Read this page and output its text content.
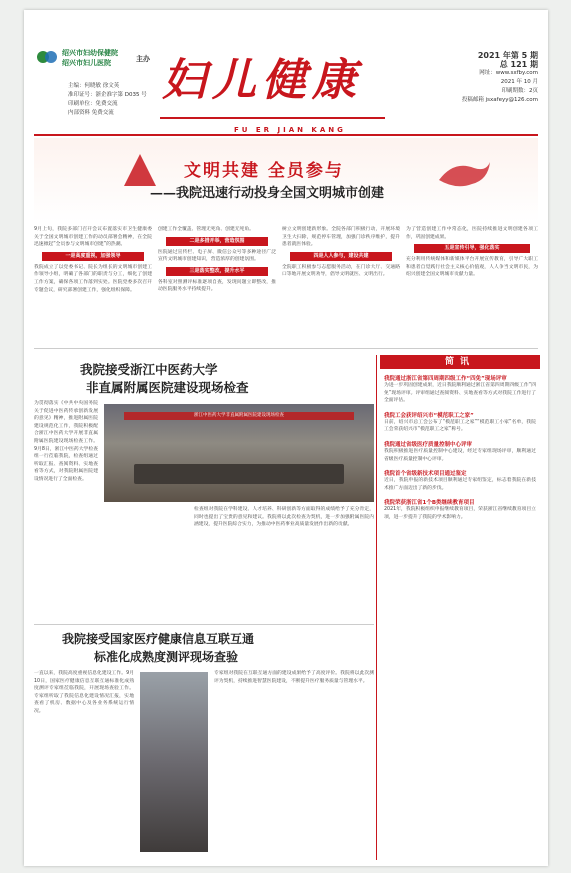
绍兴市妇幼保健院
绍兴市妇儿医院	主办
主编：何晓敏 徐文英
准印证号：浙企准字第 D035 号
印刷单位：免费交流
内部资料 免费交流
妇儿健康
FU ER JIAN KANG
2021 年第 5 期
总 121 期
网址：www.sxfby.com
2021 年 10 月
印刷期数：2页
投稿邮箱 jsxafeyy@126.com
文明共建 全员参与
——我院迅速行动投身全国文明城市创建
9月上旬，我院多部门召开会议布置落实市卫生健康委关于全国文明城市创建工作的动员部署会精神，在全院迅速掀起“全员参与文明城市创建”的热潮。
一是高度重视，加强领导
我院成立了以党委书记、院长为组长的文明城市创建工作领导小组，明确了各部门的职责与分工，细化了创建工作方案，确保各项工作落到实处。医院党委多次召开专题会议，研究部署创建工作，强化组织保障。
创建工作全覆盖、管理无死角、创建无死角。
二是多措并举，营造氛围
医院通过宣传栏、电子屏、微信公众号等多种途径广泛宣传文明城市创建知识，营造浓厚的创建氛围。
三是落实整改，提升水平
各科室对照测评标准逐项自查，发现问题立即整改，推动医院服务水平持续提升。
树立文明创建新形象。全院各部门积极行动，开展环境卫生大扫除，规范停车管理，加强门诊秩序维护，提升患者就医体验。
四是人人参与，建设共建
全院职工积极参与志愿服务活动，在门诊大厅、交通路口等地开展文明劝导，倡导文明就医、文明出行。
为了营造创建工作中常态化，医院持续推进文明创建各项工作，巩固创建成果。
五是宣传引导，强化落实
充分利用传统媒体和新媒体平台开展宣传教育，引导广大职工和患者自觉践行社会主义核心价值观，人人争当文明市民，为绍兴创建全国文明城市贡献力量。
我院接受浙江中医药大学
非直属附属医院建设现场检查
为贯彻落实《中共中央国务院关于促进中医药传承创新发展的意见》精神，推进附属医院建设规范化工作，我院积极配合浙江中医药大学开展非直属附属医院建设现场检查工作。9月8日，浙江中医药大学检查组一行莅临我院，检查组通过听取汇报、查阅资料、实地查看等方式，对我院附属医院建设情况进行了全面检查。
浙江中医药大学非直属附属医院建设现场检查
检查组对我院在学科建设、人才培养、科研创新等方面取得的成绩给予了充分肯定，同时也提出了宝贵的意见和建议。我院将以此次检查为契机，进一步加强附属医院内涵建设，提升医院综合实力，为推动中医药事业高质量发展作出新的贡献。
我院接受国家医疗健康信息互联互通
标准化成熟度测评现场查验
一直以来，我院高度重视信息化建设工作。9月10日，国家医疗健康信息互联互通标准化成熟度测评专家组莅临我院，开展现场查验工作。专家组听取了我院信息化建设情况汇报，实地查看了机房、数据中心及各业务系统运行情况。
专家组对我院在互联互通方面的建设成果给予了高度评价。我院将以此次测评为契机，持续推进智慧医院建设，不断提升医疗服务质量与管理水平。
简讯
我院通过浙江省第四周期四级工作“四免”现场评审
为进一步巩固创建成果，近日我院顺利通过浙江省第四周期四级工作“四免”现场评审。评审组通过查阅资料、实地查看等方式对我院工作进行了全面评估。
我院工会获评绍兴市“模范职工之家”
日前，绍兴市总工会公布了“模范职工之家”“模范职工小家”名单，我院工会荣获绍兴市“模范职工之家”称号。
我院通过省级医疗质量控制中心评审
我院积极推进医疗质量控制中心建设，经过专家组现场评审，顺利通过省级医疗质量控制中心评审。
我院首个省级新技术项目通过鉴定
近日，我院申报的新技术项目顺利通过专家组鉴定，标志着我院在新技术推广方面迈出了新的步伐。
我院荣获浙江省1个B类继续教育项目
2021年，我院积极组织申报继续教育项目，荣获浙江省继续教育项目立项，进一步提升了我院的学术影响力。
